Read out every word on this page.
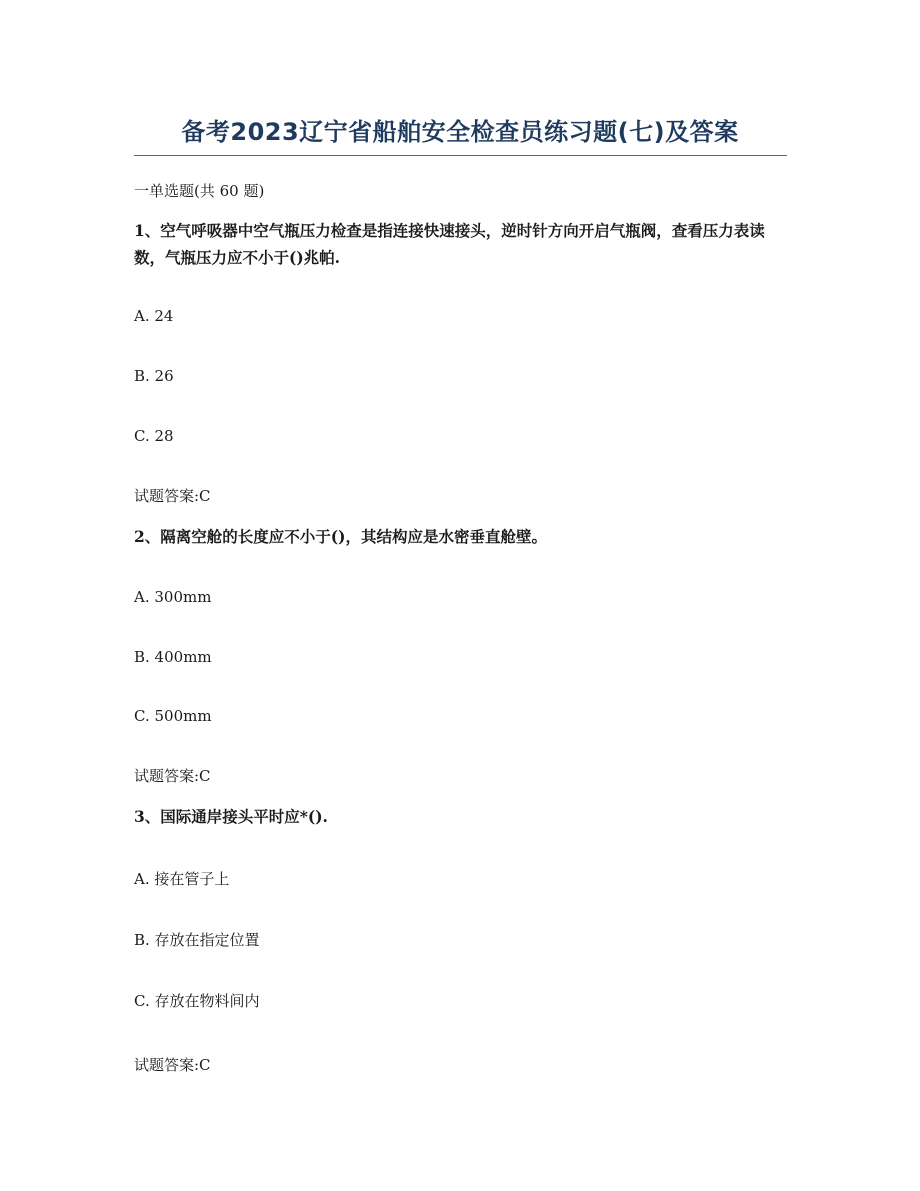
备考2023辽宁省船舶安全检查员练习题(七)及答案
一单选题(共 60 题)
1、空气呼吸器中空气瓶压力检查是指连接快速接头，逆时针方向开启气瓶阀，查看压力表读数，气瓶压力应不小于()兆帕.
A. 24
B. 26
C. 28
试题答案:C
2、隔离空舱的长度应不小于()，其结构应是水密垂直舱壁。
A. 300mm
B. 400mm
C. 500mm
试题答案:C
3、国际通岸接头平时应*().
A. 接在管子上
B. 存放在指定位置
C. 存放在物料间内
试题答案:C
